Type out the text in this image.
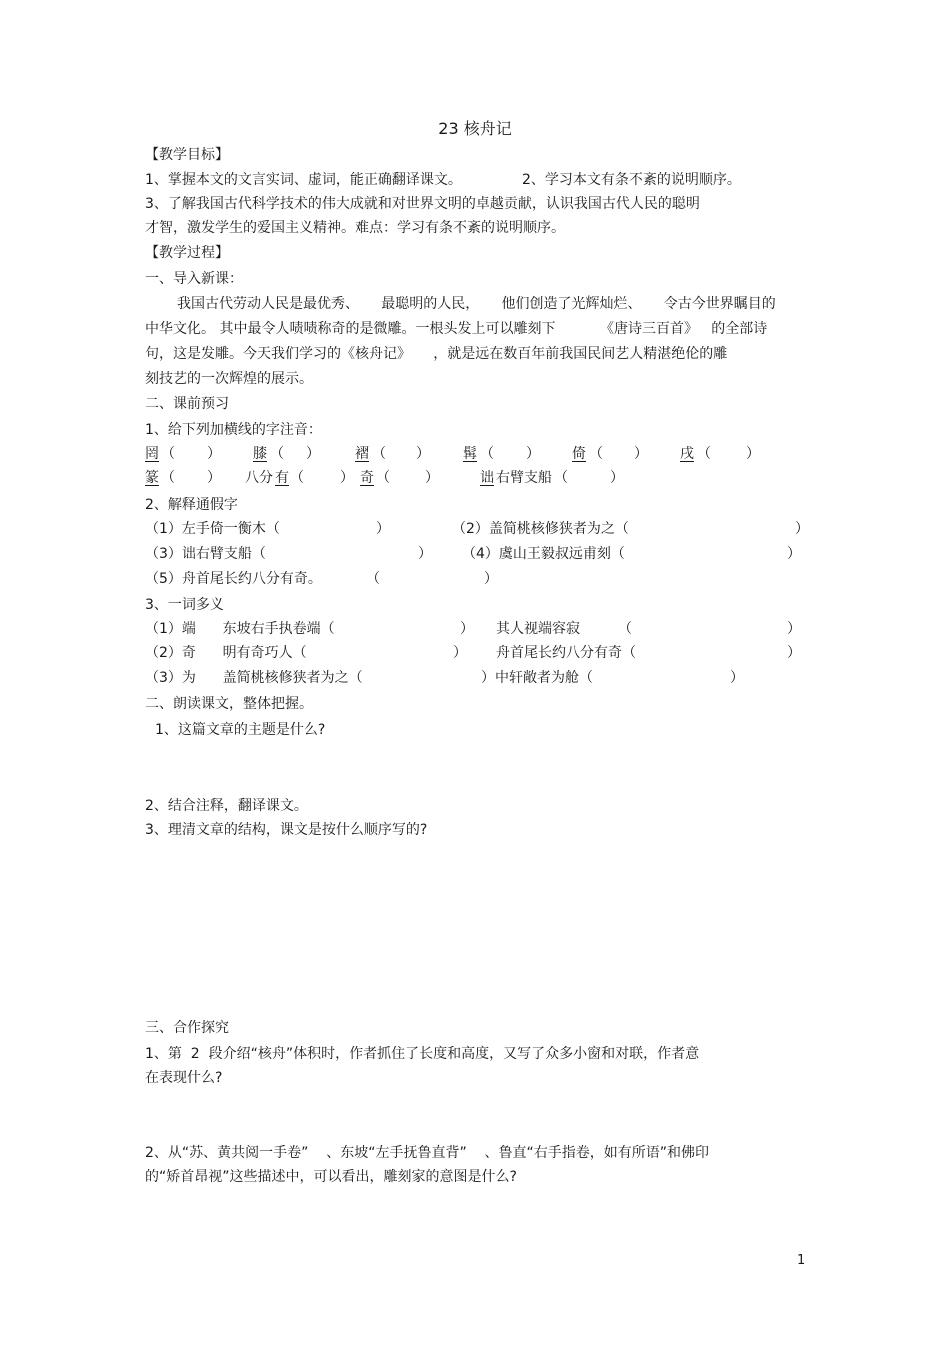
23 核舟记
【教学目标】
1、掌握本文的文言实词、虚词，能正确翻译课文。	2、学习本文有条不紊的说明顺序。
3、了解我国古代科学技术的伟大成就和对世界文明的卓越贡献，认识我国古代人民的聪明
才智，激发学生的爱国主义精神。难点：学习有条不紊的说明顺序。
【教学过程】
一、导入新课：
我国古代劳动人民是最优秀、     最聪明的人民，     他们创造了光辉灿烂、     令古今世界瞩目的
中华文化。 其中最令人啧啧称奇的是微雕。一根头发上可以雕刻下          《唐诗三百首》   的全部诗
句，这是发雕。今天我们学习的《核舟记》     ，就是远在数百年前我国民间艺人精湛绝伦的雕
刻技艺的一次辉煌的展示。
二、课前预习
1、给下列加横线的字注音：
罔 （ ） 膝 （ ）	褶 （ ） 髯 （ ） 倚 （ ） 戌 （	）
篆 （ ） 八分 有 （	） 奇 （	）	诎 右臂支船 （	）
2、解释通假字
（1）左手倚一衡木（	）	（2）盖简桃核修狭者为之（	）
（3）诎右臂支船（	） （4）虞山王毅叔远甫刻（	）
（5）舟首尾长约八分有奇。	（	）
3、一词多义
（1）端      东坡右手执卷端（	） 其人视端容寂	（	）
（2）奇      明有奇巧人（	） 舟首尾长约八分有奇（	）
（3）为      盖简桃核修狭者为之（	）中轩敞者为舱（	）
二、朗读课文，整体把握。
1、这篇文章的主题是什么?
2、结合注释，翻译课文。
3、理清文章的结构，课文是按什么顺序写的?
三、合作探究
1、第  2  段介绍“核舟”体积时，作者抓住了长度和高度，又写了众多小窗和对联，作者意
在表现什么?
2、从“苏、黄共阅一手卷”    、东坡“左手抚鲁直背”    、鲁直“右手指卷，如有所语”和佛印
的“矫首昂视”这些描述中，可以看出，雕刻家的意图是什么?
1
